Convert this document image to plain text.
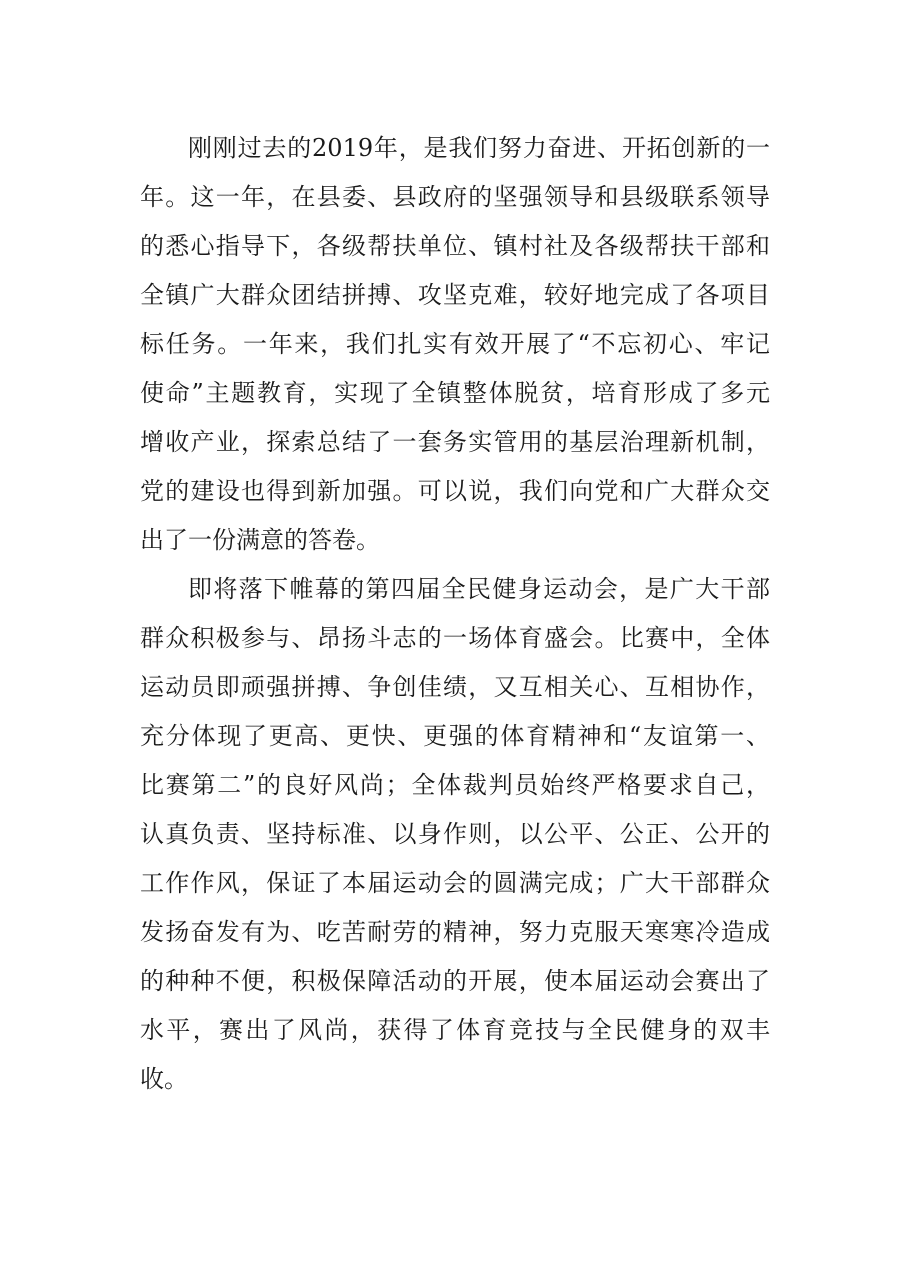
刚刚过去的2019年，是我们努力奋进、开拓创新的一
年。这一年，在县委、县政府的坚强领导和县级联系领导
的悉心指导下，各级帮扶单位、镇村社及各级帮扶干部和
全镇广大群众团结拼搏、攻坚克难，较好地完成了各项目
标任务。一年来，我们扎实有效开展了“不忘初心、牢记
使命”主题教育，实现了全镇整体脱贫，培育形成了多元
增收产业，探索总结了一套务实管用的基层治理新机制，
党的建设也得到新加强。可以说，我们向党和广大群众交
出了一份满意的答卷。
即将落下帷幕的第四届全民健身运动会，是广大干部
群众积极参与、昂扬斗志的一场体育盛会。比赛中，全体
运动员即顽强拼搏、争创佳绩，又互相关心、互相协作，
充分体现了更高、更快、更强的体育精神和“友谊第一、
比赛第二”的良好风尚；全体裁判员始终严格要求自己，
认真负责、坚持标准、以身作则，以公平、公正、公开的
工作作风，保证了本届运动会的圆满完成；广大干部群众
发扬奋发有为、吃苦耐劳的精神，努力克服天寒寒冷造成
的种种不便，积极保障活动的开展，使本届运动会赛出了
水平，赛出了风尚，获得了体育竞技与全民健身的双丰
收。
